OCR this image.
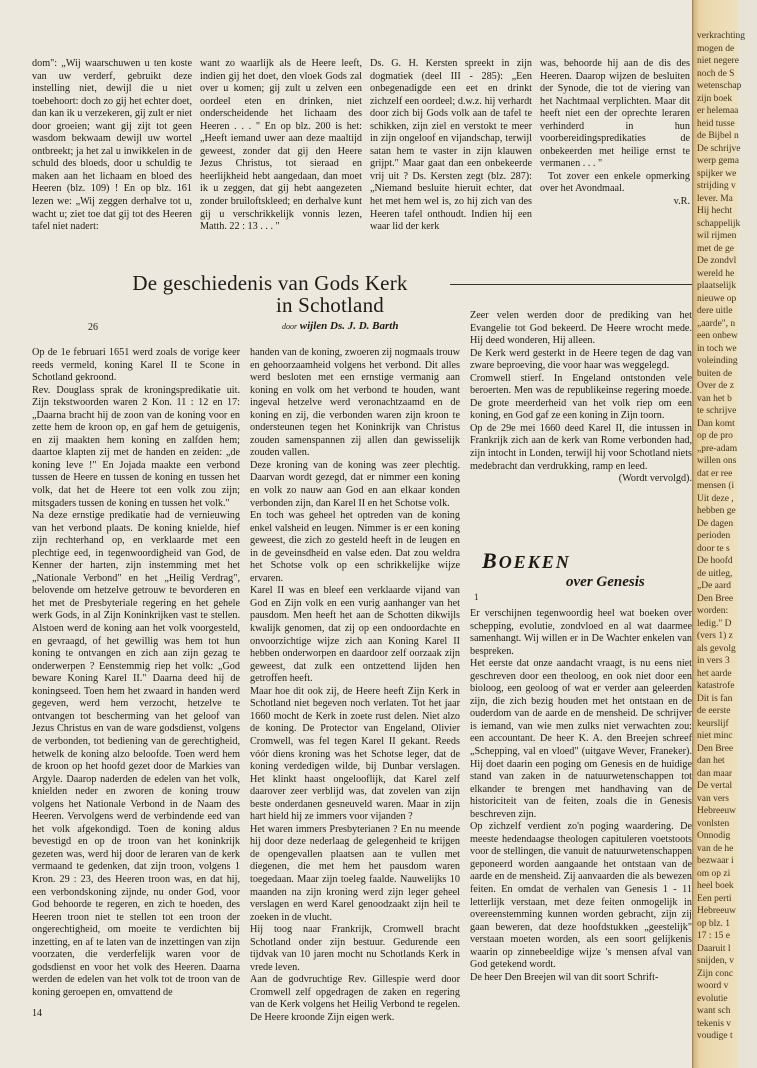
dom": „Wij waarschuwen u ten koste van uw verderf, gebruikt deze instelling niet, dewijl die u niet toebehoort: doch zo gij het echter doet, dan kan ik u verzekeren, gij zult er niet door groeien; want gij zijt tot geen wasdom bekwaam dewijl uw wortel ontbreekt; ja het zal u inwikkelen in de schuld des bloeds, door u schuldig te maken aan het lichaam en bloed des Heeren (blz. 109) ! En op blz. 161 lezen we: „Wij zeggen derhalve tot u, wacht u; ziet toe dat gij tot des Heeren tafel niet nadert:

want zo waarlijk als de Heere leeft, indien gij het doet, den vloek Gods zal over u komen; gij zult u zelven een oordeel eten en drinken, niet onderscheidende het lichaam des Heeren . . . " En op blz. 200 is het: „Heeft iemand uwer aan deze maaltijd geweest, zonder dat gij den Heere Jezus Christus, tot sieraad en heerlijkheid hebt aangedaan, dan moet ik u zeggen, dat gij hebt aangezeten zonder bruiloftskleed; en derhalve kunt gij u verschrikkelijk vonnis lezen, Matth. 22 : 13 . . . "

Ds. G. H. Kersten spreekt in zijn dogmatiek (deel III - 285): „Een onbegenadigde een eet en drinkt zichzelf een oordeel; d.w.z. hij verhardt door zich bij Gods volk aan de tafel te schikken, zijn ziel en verstokt te meer in zijn ongeloof en vijandschap, terwijl satan hem te vaster in zijn klauwen grijpt." Maar gaat dan een onbekeerde vrij uit ? Ds. Kersten zegt (blz. 287): „Niemand besluite hieruit echter, dat het met hem wel is, zo hij zich van des Heeren tafel onthoudt. Indien hij een waar lid der kerk

was, behoorde hij aan de dis des Heeren. Daarop wijzen de besluiten der Synode, die tot de viering van het Nachtmaal verplichten. Maar dit heeft niet een der oprechte leraren verhinderd in hun voorbereidingspredikaties de onbekeerden met heilige ernst te vermanen . . . "

Tot zover een enkele opmerking over het Avondmaal.

v.R.

De geschiedenis van Gods Kerk
in Schotland
26	door wijlen Ds. J. D. Barth

Op de 1e februari 1651 werd zoals de vorige keer reeds vermeld, koning Karel II te Scone in Schotland gekroond.

Rev. Douglass sprak de kroningspredikatie uit. Zijn tekstwoorden waren 2 Kon. 11 : 12 en 17: „Daarna bracht hij de zoon van de koning voor en zette hem de kroon op, en gaf hem de getuigenis, en zij maakten hem koning en zalfden hem; daartoe klapten zij met de handen en zeiden: „de koning leve !" En Jojada maakte een verbond tussen de Heere en tussen de koning en tussen het volk, dat het de Heere tot een volk zou zijn; mitsgaders tussen de koning en tussen het volk."

Na deze ernstige predikatie had de vernieuwing van het verbond plaats. De koning knielde, hief zijn rechterhand op, en verklaarde met een plechtige eed, in tegenwoordigheid van God, de Kenner der harten, zijn instemming met het „Nationale Verbond" en het „Heilig Verdrag", belovende om hetzelve getrouw te bevorderen en het met de Presbyteriale regering en het gehele werk Gods, in al Zijn Koninkrijken vast te stellen. Alstoen werd de koning aan het volk voorgesteld, en gevraagd, of het gewillig was hem tot hun koning te ontvangen en zich aan zijn gezag te onderwerpen ? Eenstemmig riep het volk: „God beware Koning Karel II." Daarna deed hij de koningseed. Toen hem het zwaard in handen werd gegeven, werd hem verzocht, hetzelve te ontvangen tot bescherming van het geloof van Jezus Christus en van de ware godsdienst, volgens de verbonden, tot bediening van de gerechtigheid, hetwelk de koning alzo beloofde. Toen werd hem de kroon op het hoofd gezet door de Markies van Argyle. Daarop naderden de edelen van het volk, knielden neder en zworen de koning trouw volgens het Nationale Verbond in de Naam des Heeren. Vervolgens werd de verbindende eed van het volk afgekondigd. Toen de koning aldus bevestigd en op de troon van het koninkrijk gezeten was, werd hij door de leraren van de kerk vermaand te gedenken, dat zijn troon, volgens 1 Kron. 29 : 23, des Heeren troon was, en dat hij, een verbondskoning zijnde, nu onder God, voor God behoorde te regeren, en zich te hoeden, des Heeren troon niet te stellen tot een troon der ongerechtigheid, om moeite te verdichten bij inzetting, en af te laten van de inzettingen van zijn voorzaten, die verderfelijk waren voor de godsdienst en voor het volk des Heeren. Daarna werden de edelen van het volk tot de troon van de koning geroepen en, omvattend de

handen van de koning, zwoeren zij nogmaals trouw en gehoorzaamheid volgens het verbond. Dit alles werd besloten met een ernstige vermanig aan koning en volk om het verbond te houden, want ingeval hetzelve werd veronachtzaamd en de koning en zij, die verbonden waren zijn kroon te ondersteunen tegen het Koninkrijk van Christus zouden samenspannen zij allen dan gewisselijk zouden vallen.

Deze kroning van de koning was zeer plechtig. Daarvan wordt gezegd, dat er nimmer een koning en volk zo nauw aan God en aan elkaar konden verbonden zijn, dan Karel II en het Schotse volk.

En toch was geheel het optreden van de koning enkel valsheid en leugen. Nimmer is er een koning geweest, die zich zo gesteld heeft in de leugen en in de geveinsdheid en valse eden. Dat zou weldra het Schotse volk op een schrikkelijke wijze ervaren.

Karel II was en bleef een verklaarde vijand van God en Zijn volk en een vurig aanhanger van het pausdom. Men heeft het aan de Schotten dikwijls kwalijk genomen, dat zij op een ondoordachte en onvoorzichtige wijze zich aan Koning Karel II hebben onderworpen en daardoor zelf oorzaak zijn geweest, dat zulk een ontzettend lijden hen getroffen heeft.

Maar hoe dit ook zij, de Heere heeft Zijn Kerk in Schotland niet begeven noch verlaten. Tot het jaar 1660 mocht de Kerk in zoete rust delen. Niet alzo de koning. De Protector van Engeland, Olivier Cromwell, was fel tegen Karel II gekant. Reeds vóór diens kroning was het Schotse leger, dat de koning verdedigen wilde, bij Dunbar verslagen. Het klinkt haast ongelooflijk, dat Karel zelf daarover zeer verblijd was, dat zovelen van zijn beste onderdanen gesneuveld waren. Maar in zijn hart hield hij ze immers voor vijanden ?

Het waren immers Presbyterianen ? En nu meende hij door deze nederlaag de gelegenheid te krijgen de opengevallen plaatsen aan te vullen met diegenen, die met hem het pausdom waren toegedaan. Maar zijn toeleg faalde. Nauwelijks 10 maanden na zijn kroning werd zijn leger geheel verslagen en werd Karel genoodzaakt zijn heil te zoeken in de vlucht.

Hij toog naar Frankrijk, Cromwell bracht Schotland onder zijn bestuur. Gedurende een tijdvak van 10 jaren mocht nu Schotlands Kerk in vrede leven.

Aan de godvruchtige Rev. Gillespie werd door Cromwell zelf opgedragen de zaken en regering van de Kerk volgens het Heilig Verbond te regelen. De Heere kroonde Zijn eigen werk.

Zeer velen werden door de prediking van het Evangelie tot God bekeerd. De Heere wrocht mede. Hij deed wonderen, Hij alleen.

De Kerk werd gesterkt in de Heere tegen de dag van zware beproeving, die voor haar was weggelegd.

Cromwell stierf. In Engeland ontstonden vele beroerten. Men was de republikeinse regering moede. De grote meerderheid van het volk riep om een koning, en God gaf ze een koning in Zijn toorn.

Op de 29e mei 1660 deed Karel II, die intussen in Frankrijk zich aan de kerk van Rome verbonden had, zijn intocht in Londen, terwijl hij voor Schotland niets medebracht dan verdrukking, ramp en leed.

(Wordt vervolgd).

BOEKEN
over Genesis
1

Er verschijnen tegenwoordig heel wat boeken over schepping, evolutie, zondvloed en al wat daarmee samenhangt. Wij willen er in De Wachter enkelen van bespreken.

Het eerste dat onze aandacht vraagt, is nu eens niet geschreven door een theoloog, en ook niet door een bioloog, een geoloog of wat er verder aan geleerden zijn, die zich bezig houden met het ontstaan en de ouderdom van de aarde en de mensheid. De schrijver is iemand, van wie men zulks niet verwachten zou: een accountant. De heer K. A. den Breejen schreef „Schepping, val en vloed" (uitgave Wever, Franeker). Hij doet daarin een poging om Genesis en de huidige stand van zaken in de natuurwetenschappen tot elkander te brengen met handhaving van de historiciteit van de feiten, zoals die in Genesis beschreven zijn.

Op zichzelf verdient zo'n poging waardering. De meeste hedendaagse theologen capituleren voetstoots voor de stellingen, die vanuit de natuurwetenschappen geponeerd worden aangaande het ontstaan van de aarde en de mensheid. Zij aanvaarden die als bewezen feiten. En omdat de verhalen van Genesis 1 - 11 letterlijk verstaan, met deze feiten onmogelijk in overeenstemming kunnen worden gebracht, zijn zij gaan beweren, dat deze hoofdstukken „geestelijk" verstaan moeten worden, als een soort gelijkenis waarin op zinnebeeldige wijze 's mensen afval van God getekend wordt.

De heer Den Breejen wil van dit soort Schrift-

14
verkrachting
mogen de
niet negere
noch de S
wetenschap
zijn boek
er helemaa
heid tusse
de Bijbel n
De schrijve
werp gema
spijker we
strijding v
lever. Ma
Hij hecht
schappelijk
wil rijmen
met de ge
De zondvl
wereld he
plaatselijk
nieuwe op
dere uitle
„aarde", n
een onbew
in toch we
voleinding
buiten de
Over de z
van het b
te schrijve
Dan komt
op de pro
„pre-adam
willen ons
dat er ree
mensen (i
Uit deze ,
hebben ge
De dagen
perioden
door te s
De hoofd
de uitleg,
„De aard
Den Bree
worden:
ledig." D
(vers 1) z
als gevolg
in vers 3
het aarde
katastrofe
Dit is fan
de eerste
keurslijf
niet minc
Den Bree
dan het
dan maar
De vertal
van vers
Hebreeuw
vonlsten
Onnodig
van de he
bezwaar i
om op zi
heel boek
Een perti
Hebreeuw
op blz. 1
17 : 15 e
Daaruit l
snijden, v
Zijn conc
woord v
evolutie
want sch
tekenis v
voudige t
